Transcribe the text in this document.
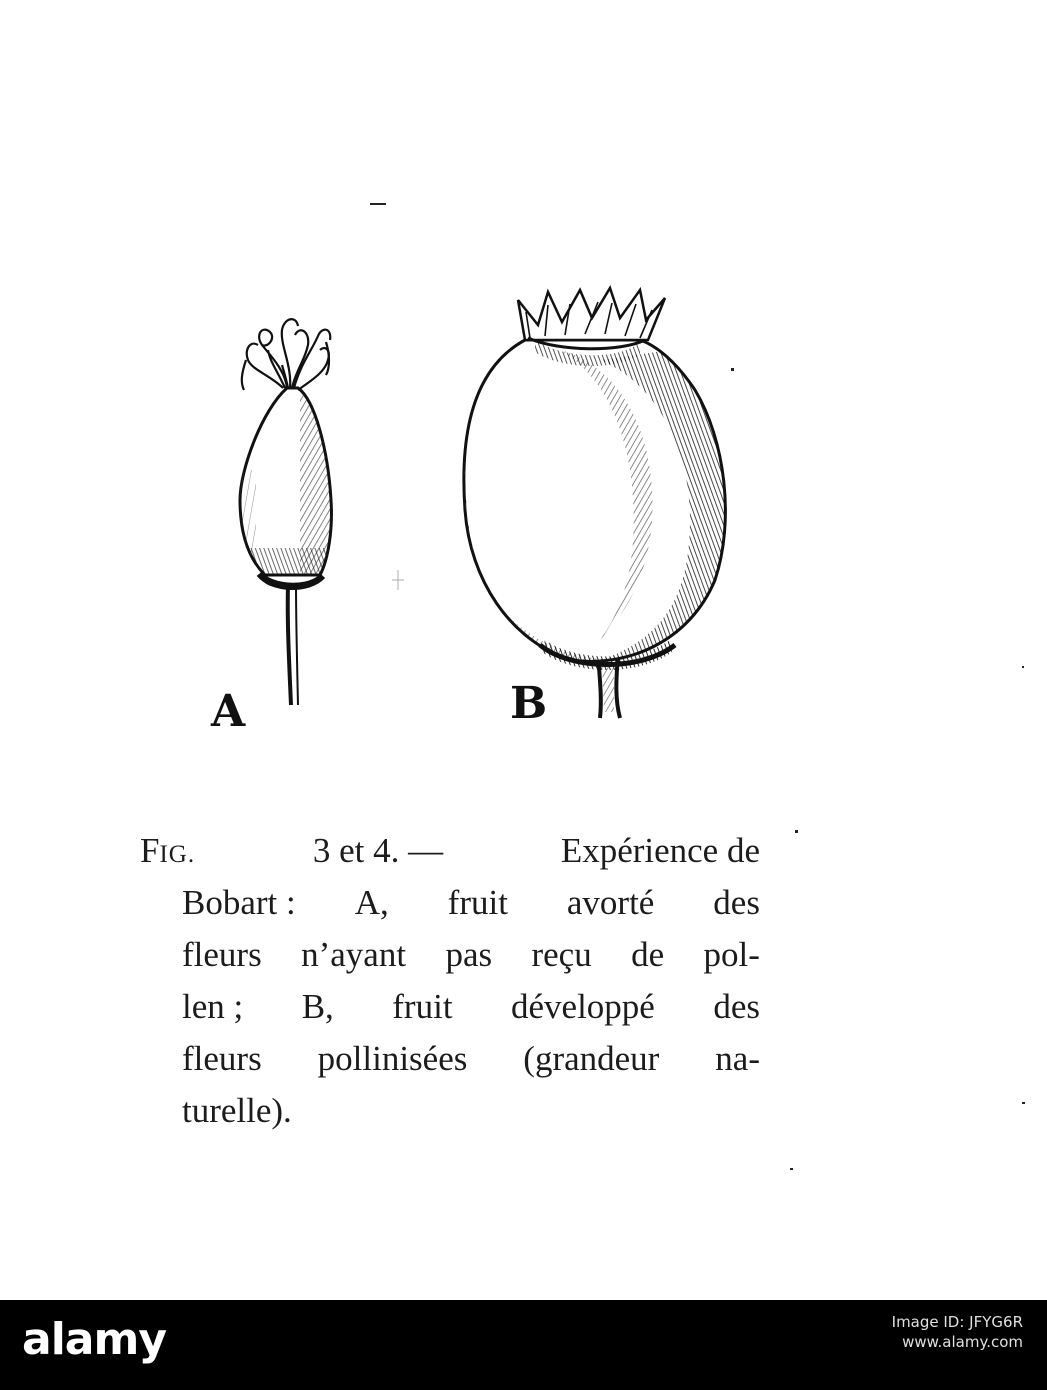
A	B
FIG.	3 et 4. —	Expérience de
Bobart : A, fruit avorté des
fleurs n’ayant pas reçu de pol-
len ; B, fruit développé des
fleurs pollinisées (grandeur na-
turelle).
alamy	Image ID: JFYG6R
www.alamy.com
